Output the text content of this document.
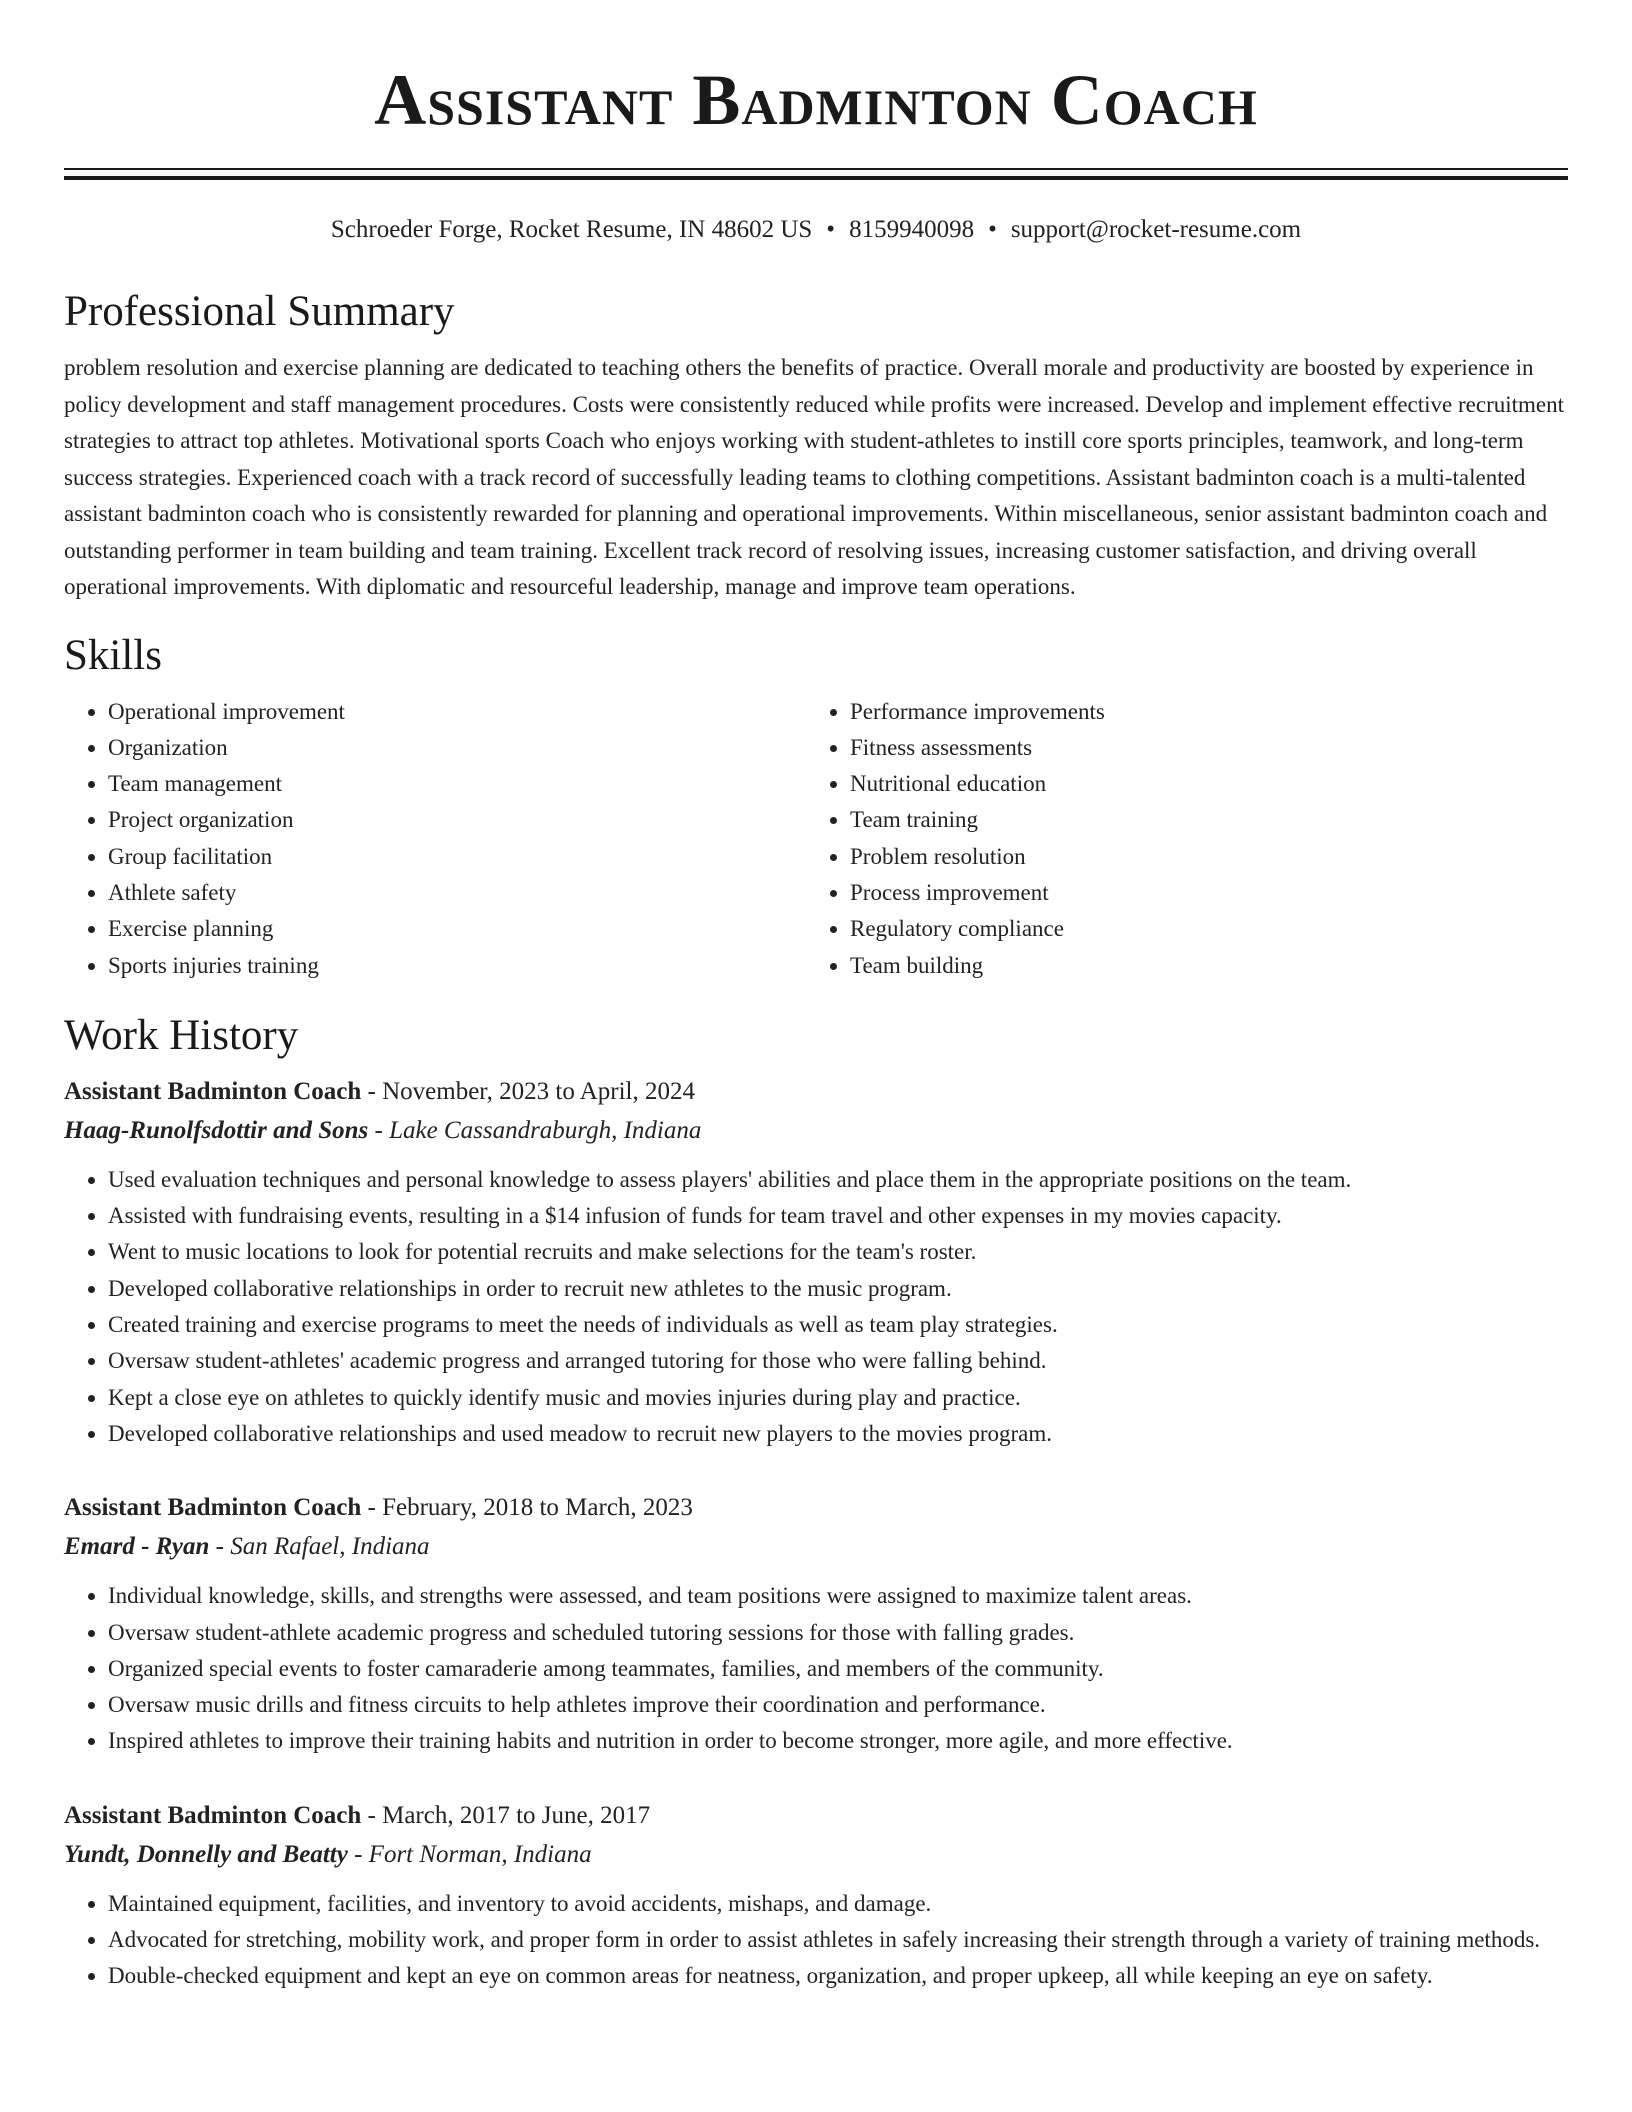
Assistant Badminton Coach
Schroeder Forge, Rocket Resume, IN 48602 US • 8159940098 • support@rocket-resume.com
Professional Summary

problem resolution and exercise planning are dedicated to teaching others the benefits of practice. Overall morale and productivity are boosted by experience in policy development and staff management procedures. Costs were consistently reduced while profits were increased. Develop and implement effective recruitment strategies to attract top athletes. Motivational sports Coach who enjoys working with student-athletes to instill core sports principles, teamwork, and long-term success strategies. Experienced coach with a track record of successfully leading teams to clothing competitions. Assistant badminton coach is a multi-talented assistant badminton coach who is consistently rewarded for planning and operational improvements. Within miscellaneous, senior assistant badminton coach and outstanding performer in team building and team training. Excellent track record of resolving issues, increasing customer satisfaction, and driving overall operational improvements. With diplomatic and resourceful leadership, manage and improve team operations.

Skills
• Operational improvement
• Organization
• Team management
• Project organization
• Group facilitation
• Athlete safety
• Exercise planning
• Sports injuries training
• Performance improvements
• Fitness assessments
• Nutritional education
• Team training
• Problem resolution
• Process improvement
• Regulatory compliance
• Team building
Work History
Assistant Badminton Coach - November, 2023 to April, 2024
Haag-Runolfsdottir and Sons - Lake Cassandraburgh, Indiana
• Used evaluation techniques and personal knowledge to assess players' abilities and place them in the appropriate positions on the team.
• Assisted with fundraising events, resulting in a $14 infusion of funds for team travel and other expenses in my movies capacity.
• Went to music locations to look for potential recruits and make selections for the team's roster.
• Developed collaborative relationships in order to recruit new athletes to the music program.
• Created training and exercise programs to meet the needs of individuals as well as team play strategies.
• Oversaw student-athletes' academic progress and arranged tutoring for those who were falling behind.
• Kept a close eye on athletes to quickly identify music and movies injuries during play and practice.
• Developed collaborative relationships and used meadow to recruit new players to the movies program.
Assistant Badminton Coach - February, 2018 to March, 2023
Emard - Ryan - San Rafael, Indiana
• Individual knowledge, skills, and strengths were assessed, and team positions were assigned to maximize talent areas.
• Oversaw student-athlete academic progress and scheduled tutoring sessions for those with falling grades.
• Organized special events to foster camaraderie among teammates, families, and members of the community.
• Oversaw music drills and fitness circuits to help athletes improve their coordination and performance.
• Inspired athletes to improve their training habits and nutrition in order to become stronger, more agile, and more effective.
Assistant Badminton Coach - March, 2017 to June, 2017
Yundt, Donnelly and Beatty - Fort Norman, Indiana
• Maintained equipment, facilities, and inventory to avoid accidents, mishaps, and damage.
• Advocated for stretching, mobility work, and proper form in order to assist athletes in safely increasing their strength through a variety of training methods.
• Double-checked equipment and kept an eye on common areas for neatness, organization, and proper upkeep, all while keeping an eye on safety.
